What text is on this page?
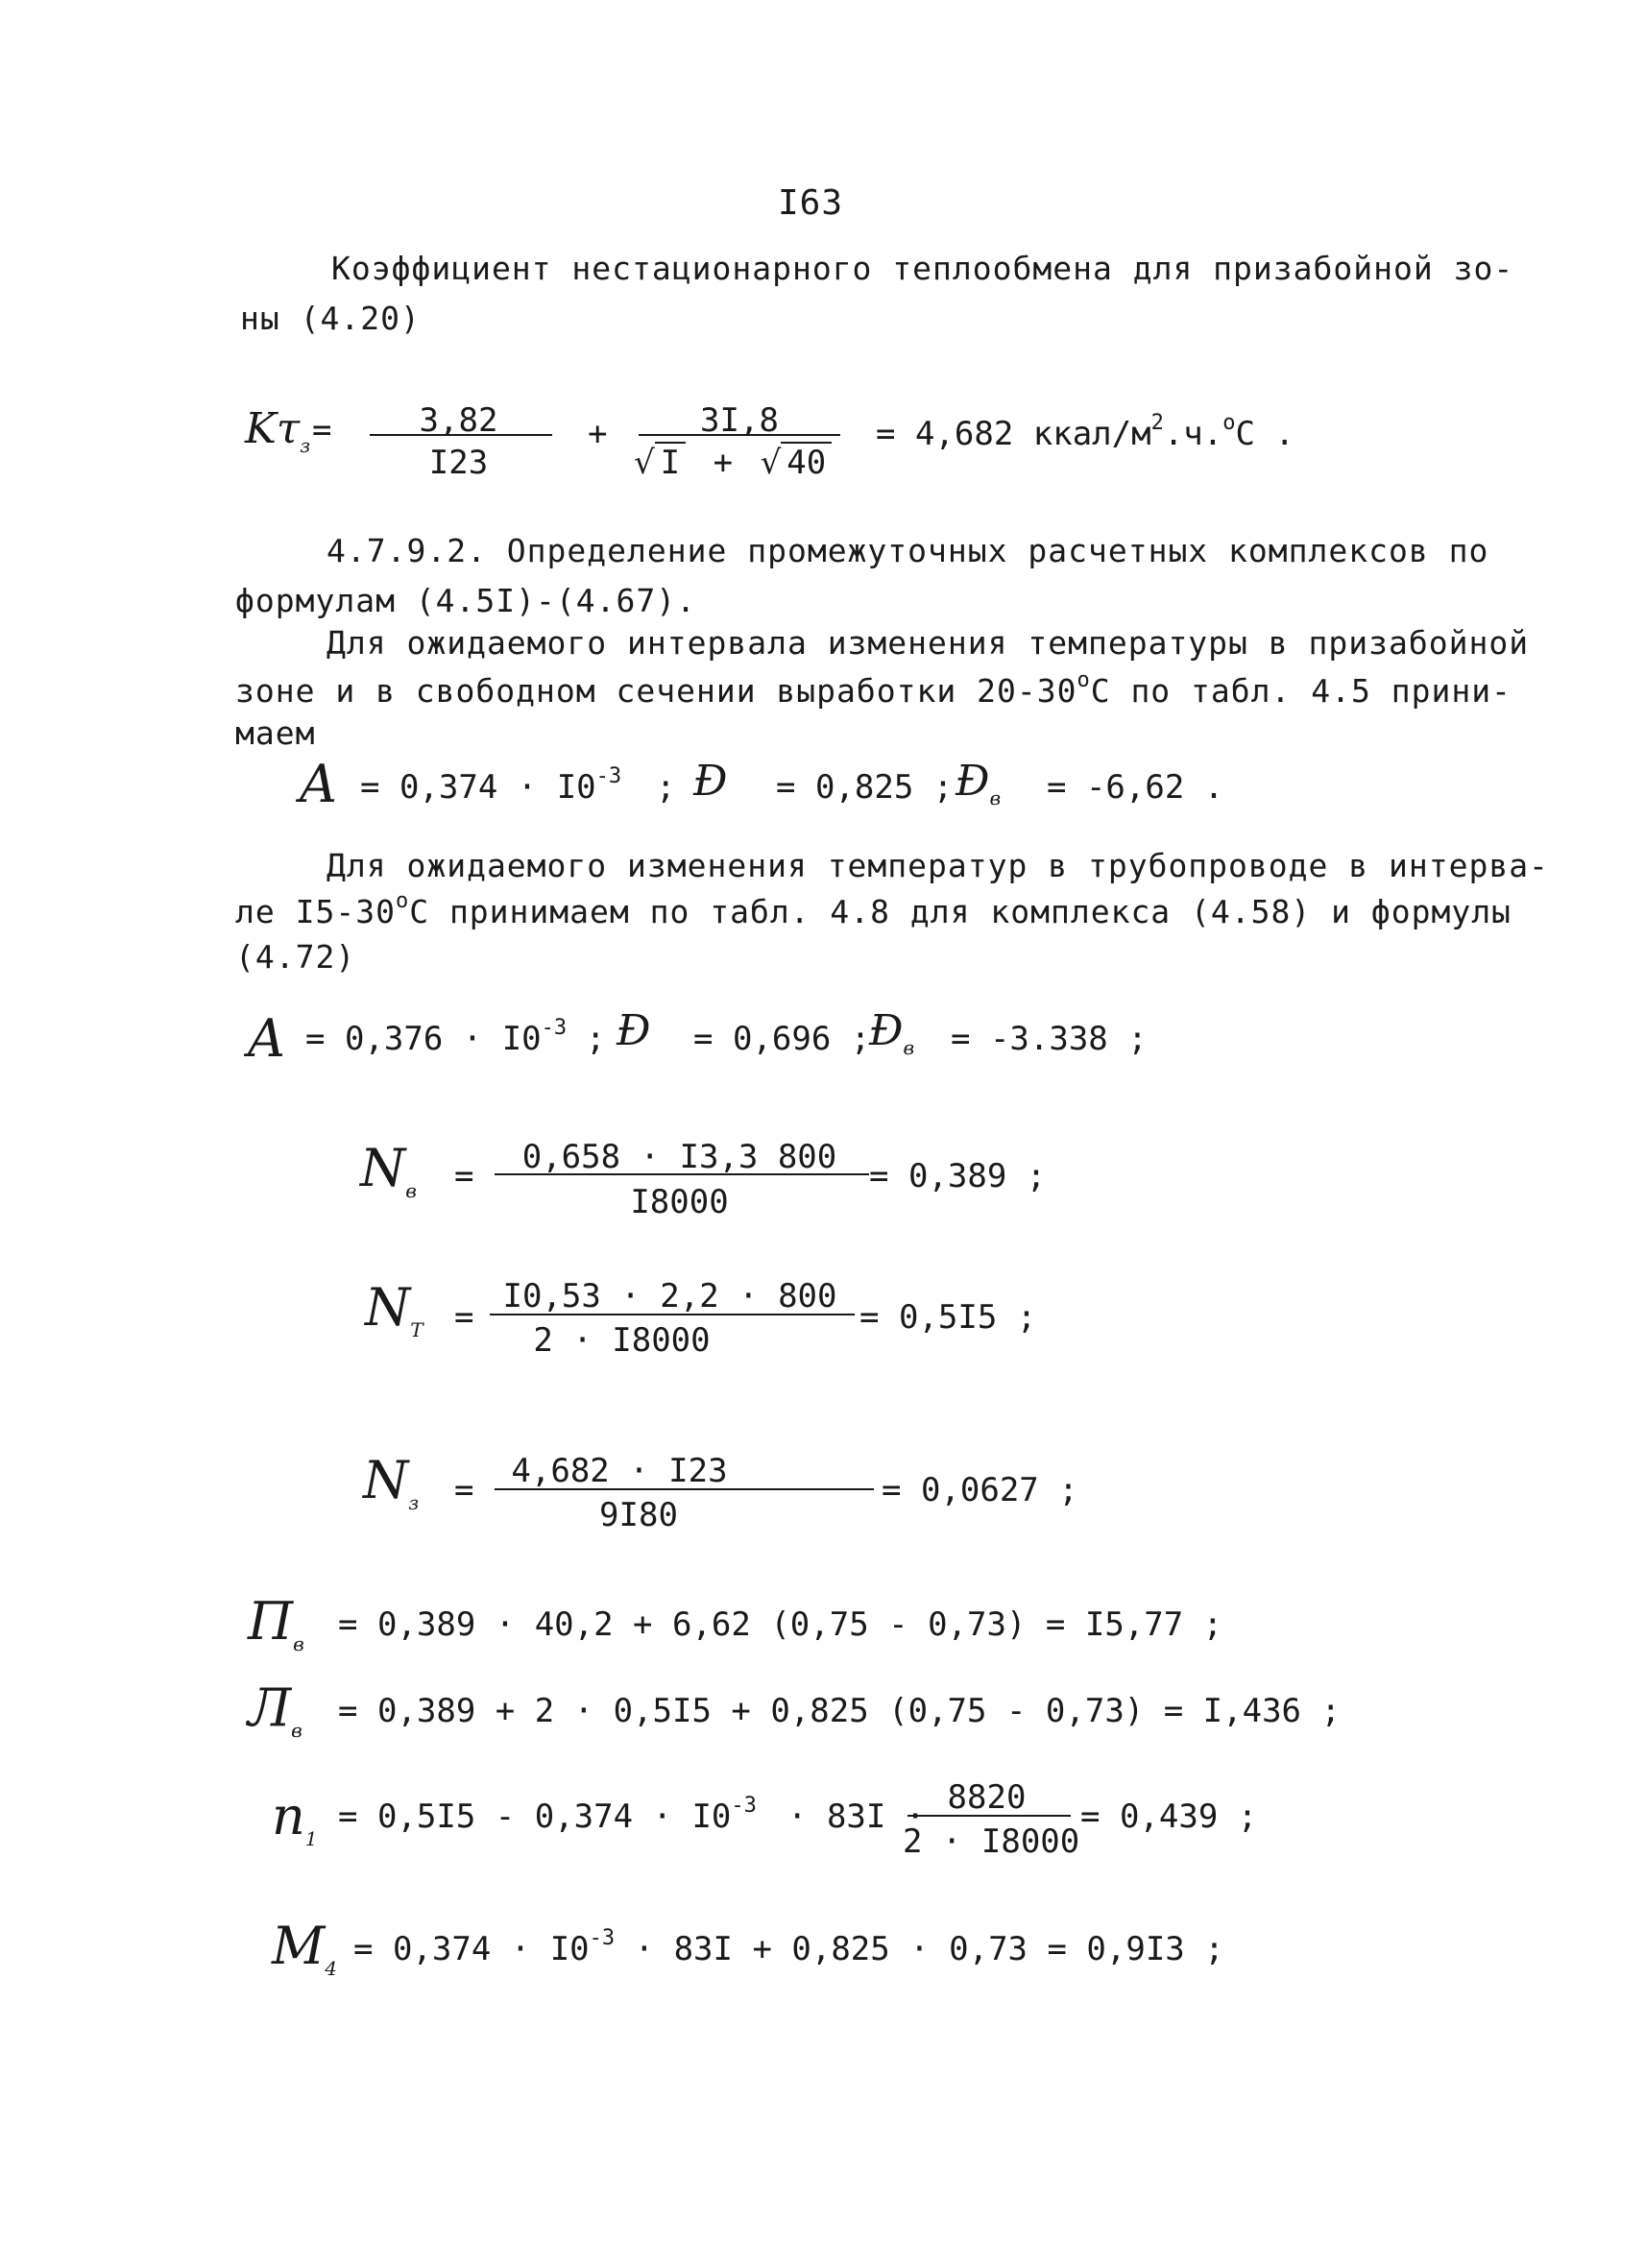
I63
Коэффициент нестационарного теплообмена для призабойной зо-
ны (4.20)
$K\tau_з$ =	3,82
I23
+	3I,8
√ I + √ 40
= 4,682 ккал/$м^2.ч.^oC$ .
4.7.9.2. Определение промежуточных расчетных комплексов по
формулам (4.5I)-(4.67).
Для ожидаемого интервала изменения температуры в призабойной
зоне и в свободном сечении выработки 20-30$^o$C по табл. 4.5 прини-
маем
$A = 0,374 \cdot I0^{-3}$ ; Ð = 0,825 ; $Ð_в = -6,62$ .
Для ожидаемого изменения температур в трубопроводе в интерва-
ле I5-30$^o$C принимаем по табл. 4.8 для комплекса (4.58) и формулы
(4.72)
$A = 0,376 \cdot I0^{-3}$ ; Ð = 0,696 ;
$Ð_в = -3.338$ ;
$N_в$ =	0,658 · I3,3 800
I8000
= 0,389 ;
$N_Т$ =
I0,53 · 2,2 · 800
2 · I8000
= 0,5I5 ;
$N_з$ =	4,682 · I23
9I80
= 0,0627 ;
$П_в = 0,389 \cdot 40,2 + 6,62$ (0,75 - 0,73) = I5,77 ;
$Л_в = 0,389 + 2 \cdot 0,5I5 + 0,825$ (0,75 - 0,73) = I,436 ;
$n_1$
= $0,5I5 - 0,374 \cdot I0^{-3} \cdot 83I \cdot 8820$
2 · I8000
= 0,439 ;
$M_4 = 0,374 \cdot I0^{-3} \cdot 83I + 0,825 \cdot 0,73 = 0,9I3$ ;
